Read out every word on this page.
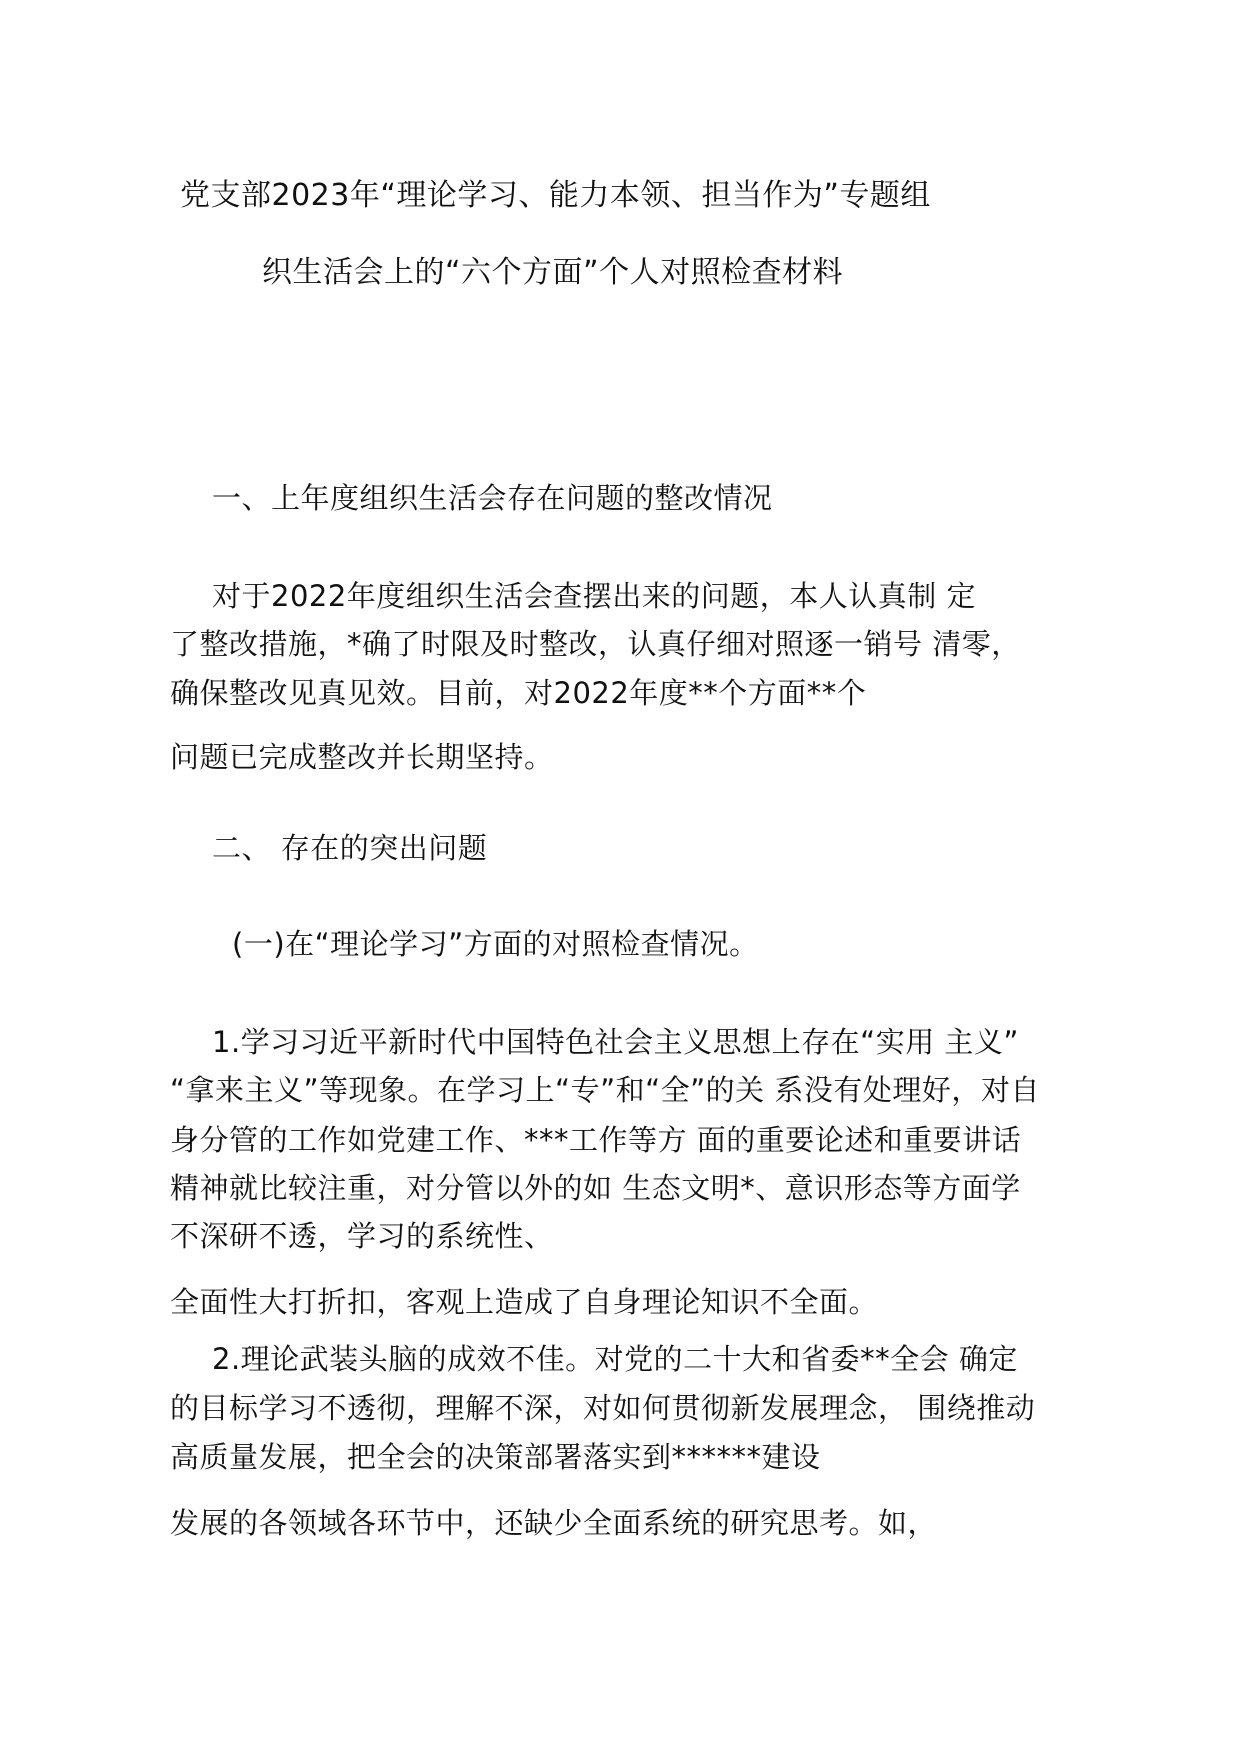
党支部2023年“理论学习、能力本领、担当作为”专题组
织生活会上的“六个方面”个人对照检查材料
一、上年度组织生活会存在问题的整改情况
对于2022年度组织生活会查摆出来的问题，本人认真制 定
了整改措施，*确了时限及时整改，认真仔细对照逐一销号 清零，
确保整改见真见效。目前，对2022年度**个方面**个
问题已完成整改并长期坚持。
二、 存在的突出问题
(一)在“理论学习”方面的对照检查情况。
1.学习习近平新时代中国特色社会主义思想上存在“实用 主义”
“拿来主义”等现象。在学习上“专”和“全”的关 系没有处理好，对自
身分管的工作如党建工作、***工作等方 面的重要论述和重要讲话
精神就比较注重，对分管以外的如 生态文明*、意识形态等方面学
不深研不透，学习的系统性、
全面性大打折扣，客观上造成了自身理论知识不全面。
2.理论武装头脑的成效不佳。对党的二十大和省委**全会 确定
的目标学习不透彻，理解不深，对如何贯彻新发展理念， 围绕推动
高质量发展，把全会的决策部署落实到******建设
发展的各领域各环节中，还缺少全面系统的研究思考。如，
